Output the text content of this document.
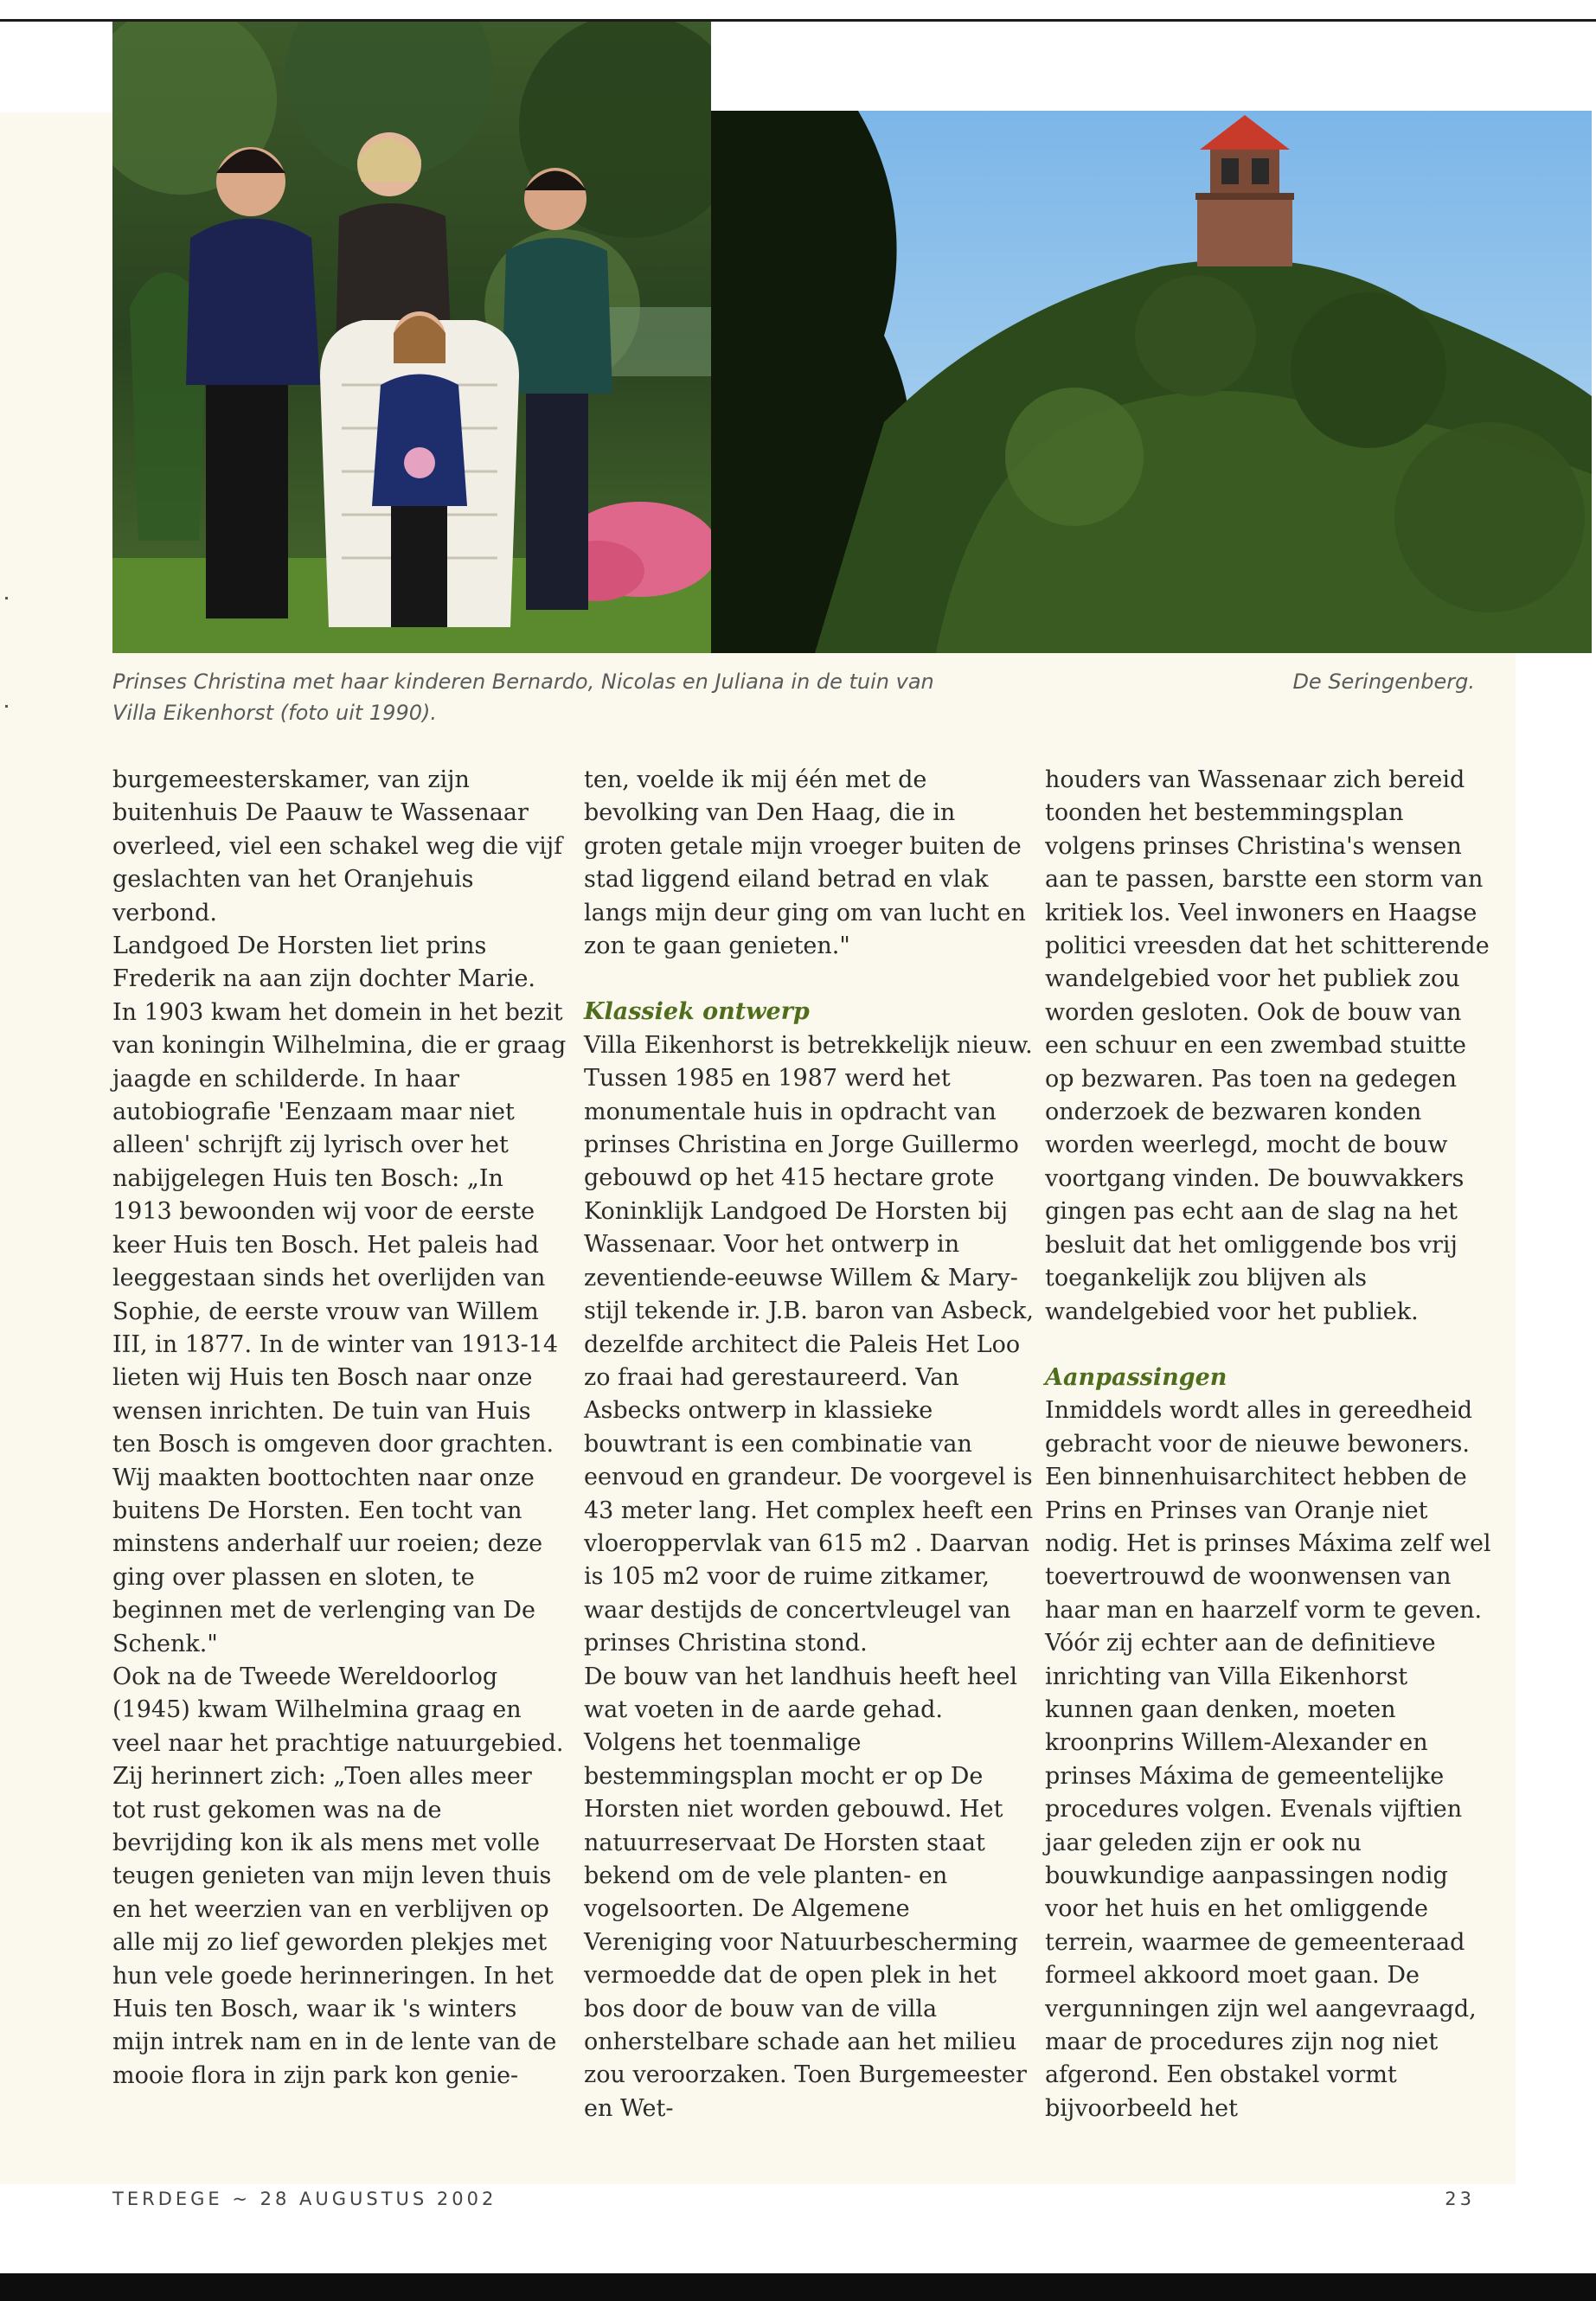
Prinses Christina met haar kinderen Bernardo, Nicolas en Juliana in de tuin van
Villa Eikenhorst (foto uit 1990).
De Seringenberg.

burgemeesterskamer, van zijn buitenhuis De Paauw te Wassenaar overleed, viel een schakel weg die vijf geslachten van het Oranjehuis verbond.
Landgoed De Horsten liet prins Frederik na aan zijn dochter Marie. In 1903 kwam het domein in het bezit van koningin Wilhelmina, die er graag jaagde en schilderde. In haar autobiografie 'Eenzaam maar niet alleen' schrijft zij lyrisch over het nabijgelegen Huis ten Bosch: „In 1913 bewoonden wij voor de eerste keer Huis ten Bosch. Het paleis had leeggestaan sinds het overlijden van Sophie, de eerste vrouw van Willem III, in 1877. In de winter van 1913-14 lieten wij Huis ten Bosch naar onze wensen inrichten. De tuin van Huis ten Bosch is omgeven door grachten. Wij maakten boottochten naar onze buitens De Horsten. Een tocht van minstens anderhalf uur roeien; deze ging over plassen en sloten, te beginnen met de verlenging van De Schenk."
Ook na de Tweede Wereldoorlog (1945) kwam Wilhelmina graag en veel naar het prachtige natuurgebied. Zij herinnert zich: „Toen alles meer tot rust gekomen was na de bevrijding kon ik als mens met volle teugen genieten van mijn leven thuis en het weerzien van en verblijven op alle mij zo lief geworden plekjes met hun vele goede herinneringen. In het Huis ten Bosch, waar ik 's winters mijn intrek nam en in de lente van de mooie flora in zijn park kon genie-

ten, voelde ik mij één met de bevolking van Den Haag, die in groten getale mijn vroeger buiten de stad liggend eiland betrad en vlak langs mijn deur ging om van lucht en zon te gaan genieten."

Klassiek ontwerp

Villa Eikenhorst is betrekkelijk nieuw. Tussen 1985 en 1987 werd het monumentale huis in opdracht van prinses Christina en Jorge Guillermo gebouwd op het 415 hectare grote Koninklijk Landgoed De Horsten bij Wassenaar. Voor het ontwerp in zeventiende-eeuwse Willem & Mary-stijl tekende ir. J.B. baron van Asbeck, dezelfde architect die Paleis Het Loo zo fraai had gerestaureerd. Van Asbecks ontwerp in klassieke bouwtrant is een combinatie van eenvoud en grandeur. De voorgevel is 43 meter lang. Het complex heeft een vloeroppervlak van 615 m2 . Daarvan is 105 m2 voor de ruime zitkamer, waar destijds de concertvleugel van prinses Christina stond.
De bouw van het landhuis heeft heel wat voeten in de aarde gehad. Volgens het toenmalige bestemmingsplan mocht er op De Horsten niet worden gebouwd. Het natuurreservaat De Horsten staat bekend om de vele planten- en vogelsoorten. De Algemene Vereniging voor Natuurbescherming vermoedde dat de open plek in het bos door de bouw van de villa onherstelbare schade aan het milieu zou veroorzaken. Toen Burgemeester en Wet-

houders van Wassenaar zich bereid toonden het bestemmingsplan volgens prinses Christina's wensen aan te passen, barstte een storm van kritiek los. Veel inwoners en Haagse politici vreesden dat het schitterende wandelgebied voor het publiek zou worden gesloten. Ook de bouw van een schuur en een zwembad stuitte op bezwaren. Pas toen na gedegen onderzoek de bezwaren konden worden weerlegd, mocht de bouw voortgang vinden. De bouwvakkers gingen pas echt aan de slag na het besluit dat het omliggende bos vrij toegankelijk zou blijven als wandelgebied voor het publiek.

Aanpassingen

Inmiddels wordt alles in gereedheid gebracht voor de nieuwe bewoners. Een binnenhuisarchitect hebben de Prins en Prinses van Oranje niet nodig. Het is prinses Máxima zelf wel toevertrouwd de woonwensen van haar man en haarzelf vorm te geven. Vóór zij echter aan de definitieve inrichting van Villa Eikenhorst kunnen gaan denken, moeten kroonprins Willem-Alexander en prinses Máxima de gemeentelijke procedures volgen. Evenals vijftien jaar geleden zijn er ook nu bouwkundige aanpassingen nodig voor het huis en het omliggende terrein, waarmee de gemeenteraad formeel akkoord moet gaan. De vergunningen zijn wel aangevraagd, maar de procedures zijn nog niet afgerond. Een obstakel vormt bijvoorbeeld het

TERDEGE ~ 28 AUGUSTUS 2002	23
